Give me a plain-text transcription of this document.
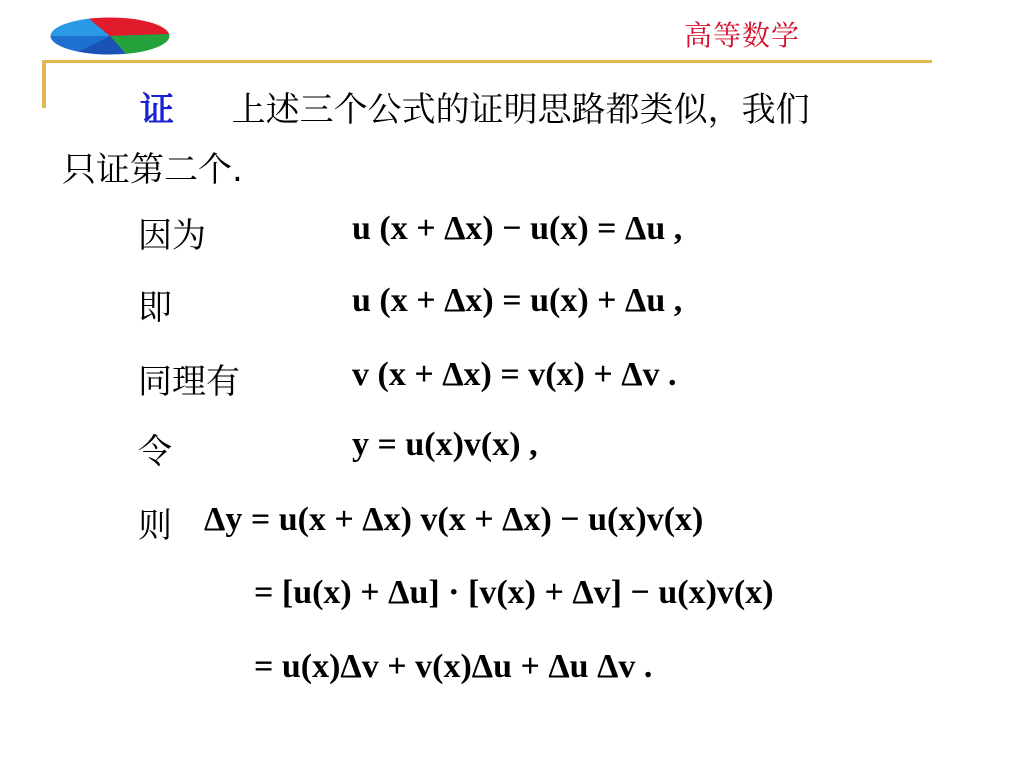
高等数学
证 上述三个公式的证明思路都类似，我们
只证第二个.
因为	u (x + Δx) − u(x) = Δu ,
即	u (x + Δx) = u(x) + Δu ,
同理有	v (x + Δx) = v(x) + Δv .
令	y = u(x)v(x) ,
则 Δy = u(x + Δx) v(x + Δx) − u(x)v(x)
= [u(x) + Δu] · [v(x) + Δv] − u(x)v(x)
= u(x)Δv + v(x)Δu + Δu Δv .
